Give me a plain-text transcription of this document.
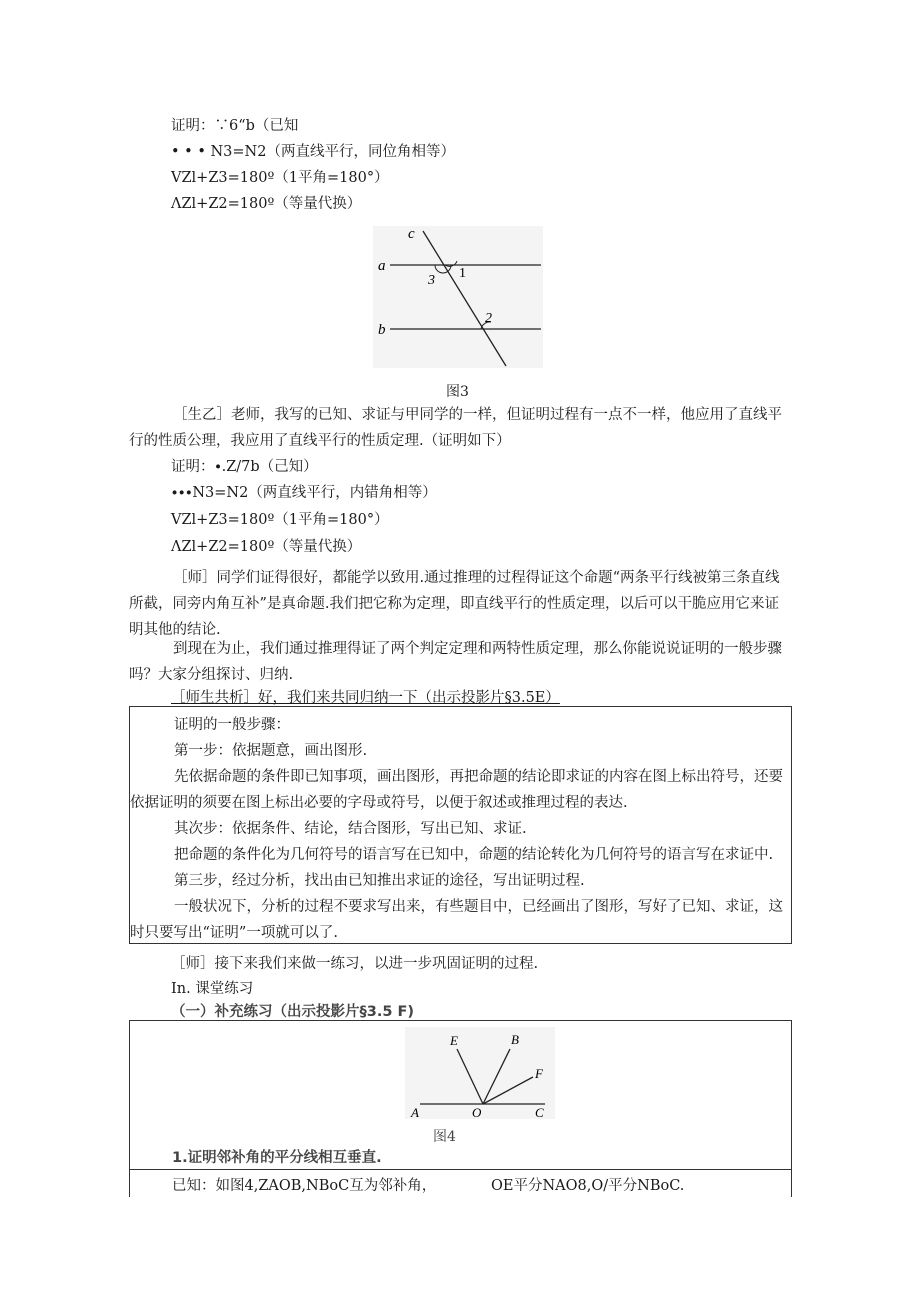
证明：∵6“b（已知
• • • N3=N2（两直线平行，同位角相等）
VZl+Z3=180º（1平角=180°）
ΛZl+Z2=180º（等量代换）
c
a
b
3 1
2
图3
［生乙］老师，我写的已知、求证与甲同学的一样，但证明过程有一点不一样，他应用了直线平行的性质公理，我应用了直线平行的性质定理.（证明如下）
证明：∙.Z/7b（己知）
∙∙∙N3=N2（两直线平行，内错角相等）
VZl+Z3=180º（1平角=180°）
ΛZl+Z2=180º（等量代换）
［师］同学们证得很好，都能学以致用.通过推理的过程得证这个命题“两条平行线被第三条直线所截，同旁内角互补”是真命题.我们把它称为定理，即直线平行的性质定理，以后可以干脆应用它来证明其他的结论.
到现在为止，我们通过推理得证了两个判定定理和两特性质定理，那么你能说说证明的一般步骤吗？大家分组探讨、归纳.
［师生共析］好，我们来共同归纳一下（出示投影片§3.5E）

证明的一般步骤：

第一步：依据题意，画出图形.

先依据命题的条件即已知事项，画出图形，再把命题的结论即求证的内容在图上标出符号，还要依据证明的须要在图上标出必要的字母或符号，以便于叙述或推理过程的表达.

其次步：依据条件、结论，结合图形，写出已知、求证.

把命题的条件化为几何符号的语言写在已知中，命题的结论转化为几何符号的语言写在求证中.

第三步，经过分析，找出由已知推出求证的途径，写出证明过程.

一般状况下，分析的过程不要求写出来，有些题目中，已经画出了图形，写好了已知、求证，这时只要写出“证明”一项就可以了.

［师］接下来我们来做一练习，以进一步巩固证明的过程.
In. 课堂练习
（一）补充练习（出示投影片§3.5 F)
E	B
F
A	O	C
图4
1.证明邻补角的平分线相互垂直.
已知：如图4,ZAOB,NBoC互为邻补角，	OE平分NAO8,O/平分NBoC.
